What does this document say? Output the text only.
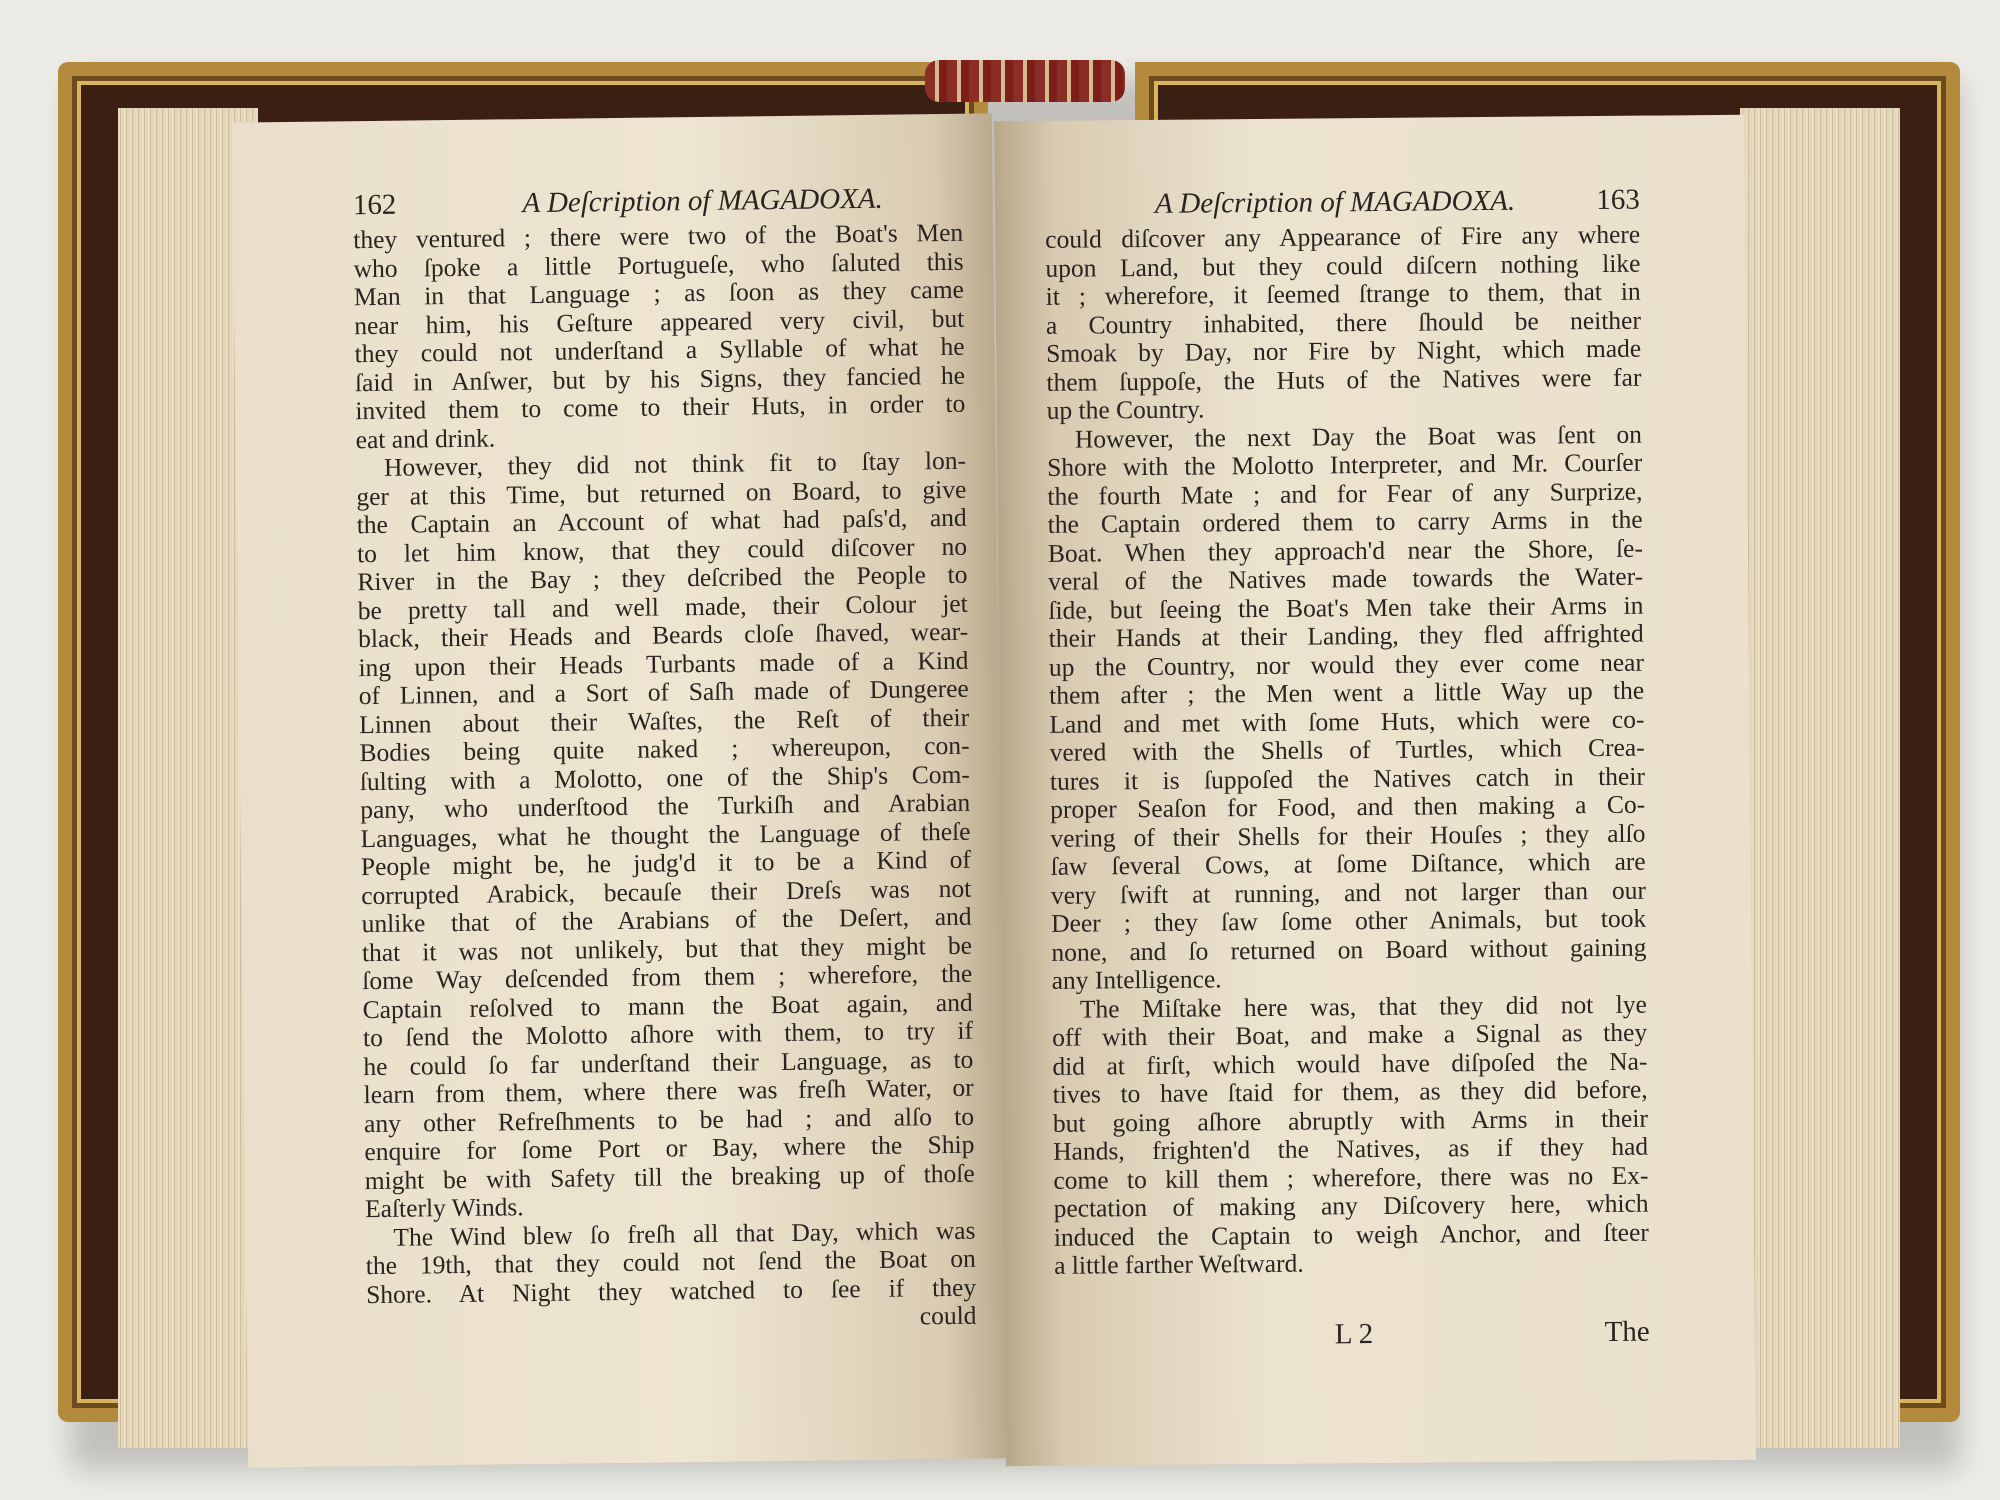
162	A Deſcription of MAGADOXA.
they ventured ; there were two of the Boat's Men
who ſpoke a little Portugueſe, who ſaluted this
Man in that Language ; as ſoon as they came
near him, his Geſture appeared very civil, but
they could not underſtand a Syllable of what he
ſaid in Anſwer, but by his Signs, they fancied he
invited them to come to their Huts, in order to
eat and drink.
However, they did not think fit to ſtay lon-
ger at this Time, but returned on Board, to give
the Captain an Account of what had paſs'd, and
to let him know, that they could diſcover no
River in the Bay ; they deſcribed the People to
be pretty tall and well made, their Colour jet
black, their Heads and Beards cloſe ſhaved, wear-
ing upon their Heads Turbants made of a Kind
of Linnen, and a Sort of Saſh made of Dungeree
Linnen about their Waſtes, the Reſt of their
Bodies being quite naked ; whereupon, con-
ſulting with a Molotto, one of the Ship's Com-
pany, who underſtood the Turkiſh and Arabian
Languages, what he thought the Language of theſe
People might be, he judg'd it to be a Kind of
corrupted Arabick, becauſe their Dreſs was not
unlike that of the Arabians of the Deſert, and
that it was not unlikely, but that they might be
ſome Way deſcended from them ; wherefore, the
Captain reſolved to mann the Boat again, and
to ſend the Molotto aſhore with them, to try if
he could ſo far underſtand their Language, as to
learn from them, where there was freſh Water, or
any other Refreſhments to be had ; and alſo to
enquire for ſome Port or Bay, where the Ship
might be with Safety till the breaking up of thoſe
Eaſterly Winds.
The Wind blew ſo freſh all that Day, which was
the 19th, that they could not ſend the Boat on
Shore. At Night they watched to ſee if they
could
A Deſcription of MAGADOXA.	163
could diſcover any Appearance of Fire any where
upon Land, but they could diſcern nothing like
it ; wherefore, it ſeemed ſtrange to them, that in
a Country inhabited, there ſhould be neither
Smoak by Day, nor Fire by Night, which made
them ſuppoſe, the Huts of the Natives were far
up the Country.
However, the next Day the Boat was ſent on
Shore with the Molotto Interpreter, and Mr. Courſer
the fourth Mate ; and for Fear of any Surprize,
the Captain ordered them to carry Arms in the
Boat. When they approach'd near the Shore, ſe-
veral of the Natives made towards the Water-
ſide, but ſeeing the Boat's Men take their Arms in
their Hands at their Landing, they fled affrighted
up the Country, nor would they ever come near
them after ; the Men went a little Way up the
Land and met with ſome Huts, which were co-
vered with the Shells of Turtles, which Crea-
tures it is ſuppoſed the Natives catch in their
proper Seaſon for Food, and then making a Co-
vering of their Shells for their Houſes ; they alſo
ſaw ſeveral Cows, at ſome Diſtance, which are
very ſwift at running, and not larger than our
Deer ; they ſaw ſome other Animals, but took
none, and ſo returned on Board without gaining
any Intelligence.
The Miſtake here was, that they did not lye
off with their Boat, and make a Signal as they
did at firſt, which would have diſpoſed the Na-
tives to have ſtaid for them, as they did before,
but going aſhore abruptly with Arms in their
Hands, frighten'd the Natives, as if they had
come to kill them ; wherefore, there was no Ex-
pectation of making any Diſcovery here, which
induced the Captain to weigh Anchor, and ſteer
a little farther Weſtward.
L 2	The
